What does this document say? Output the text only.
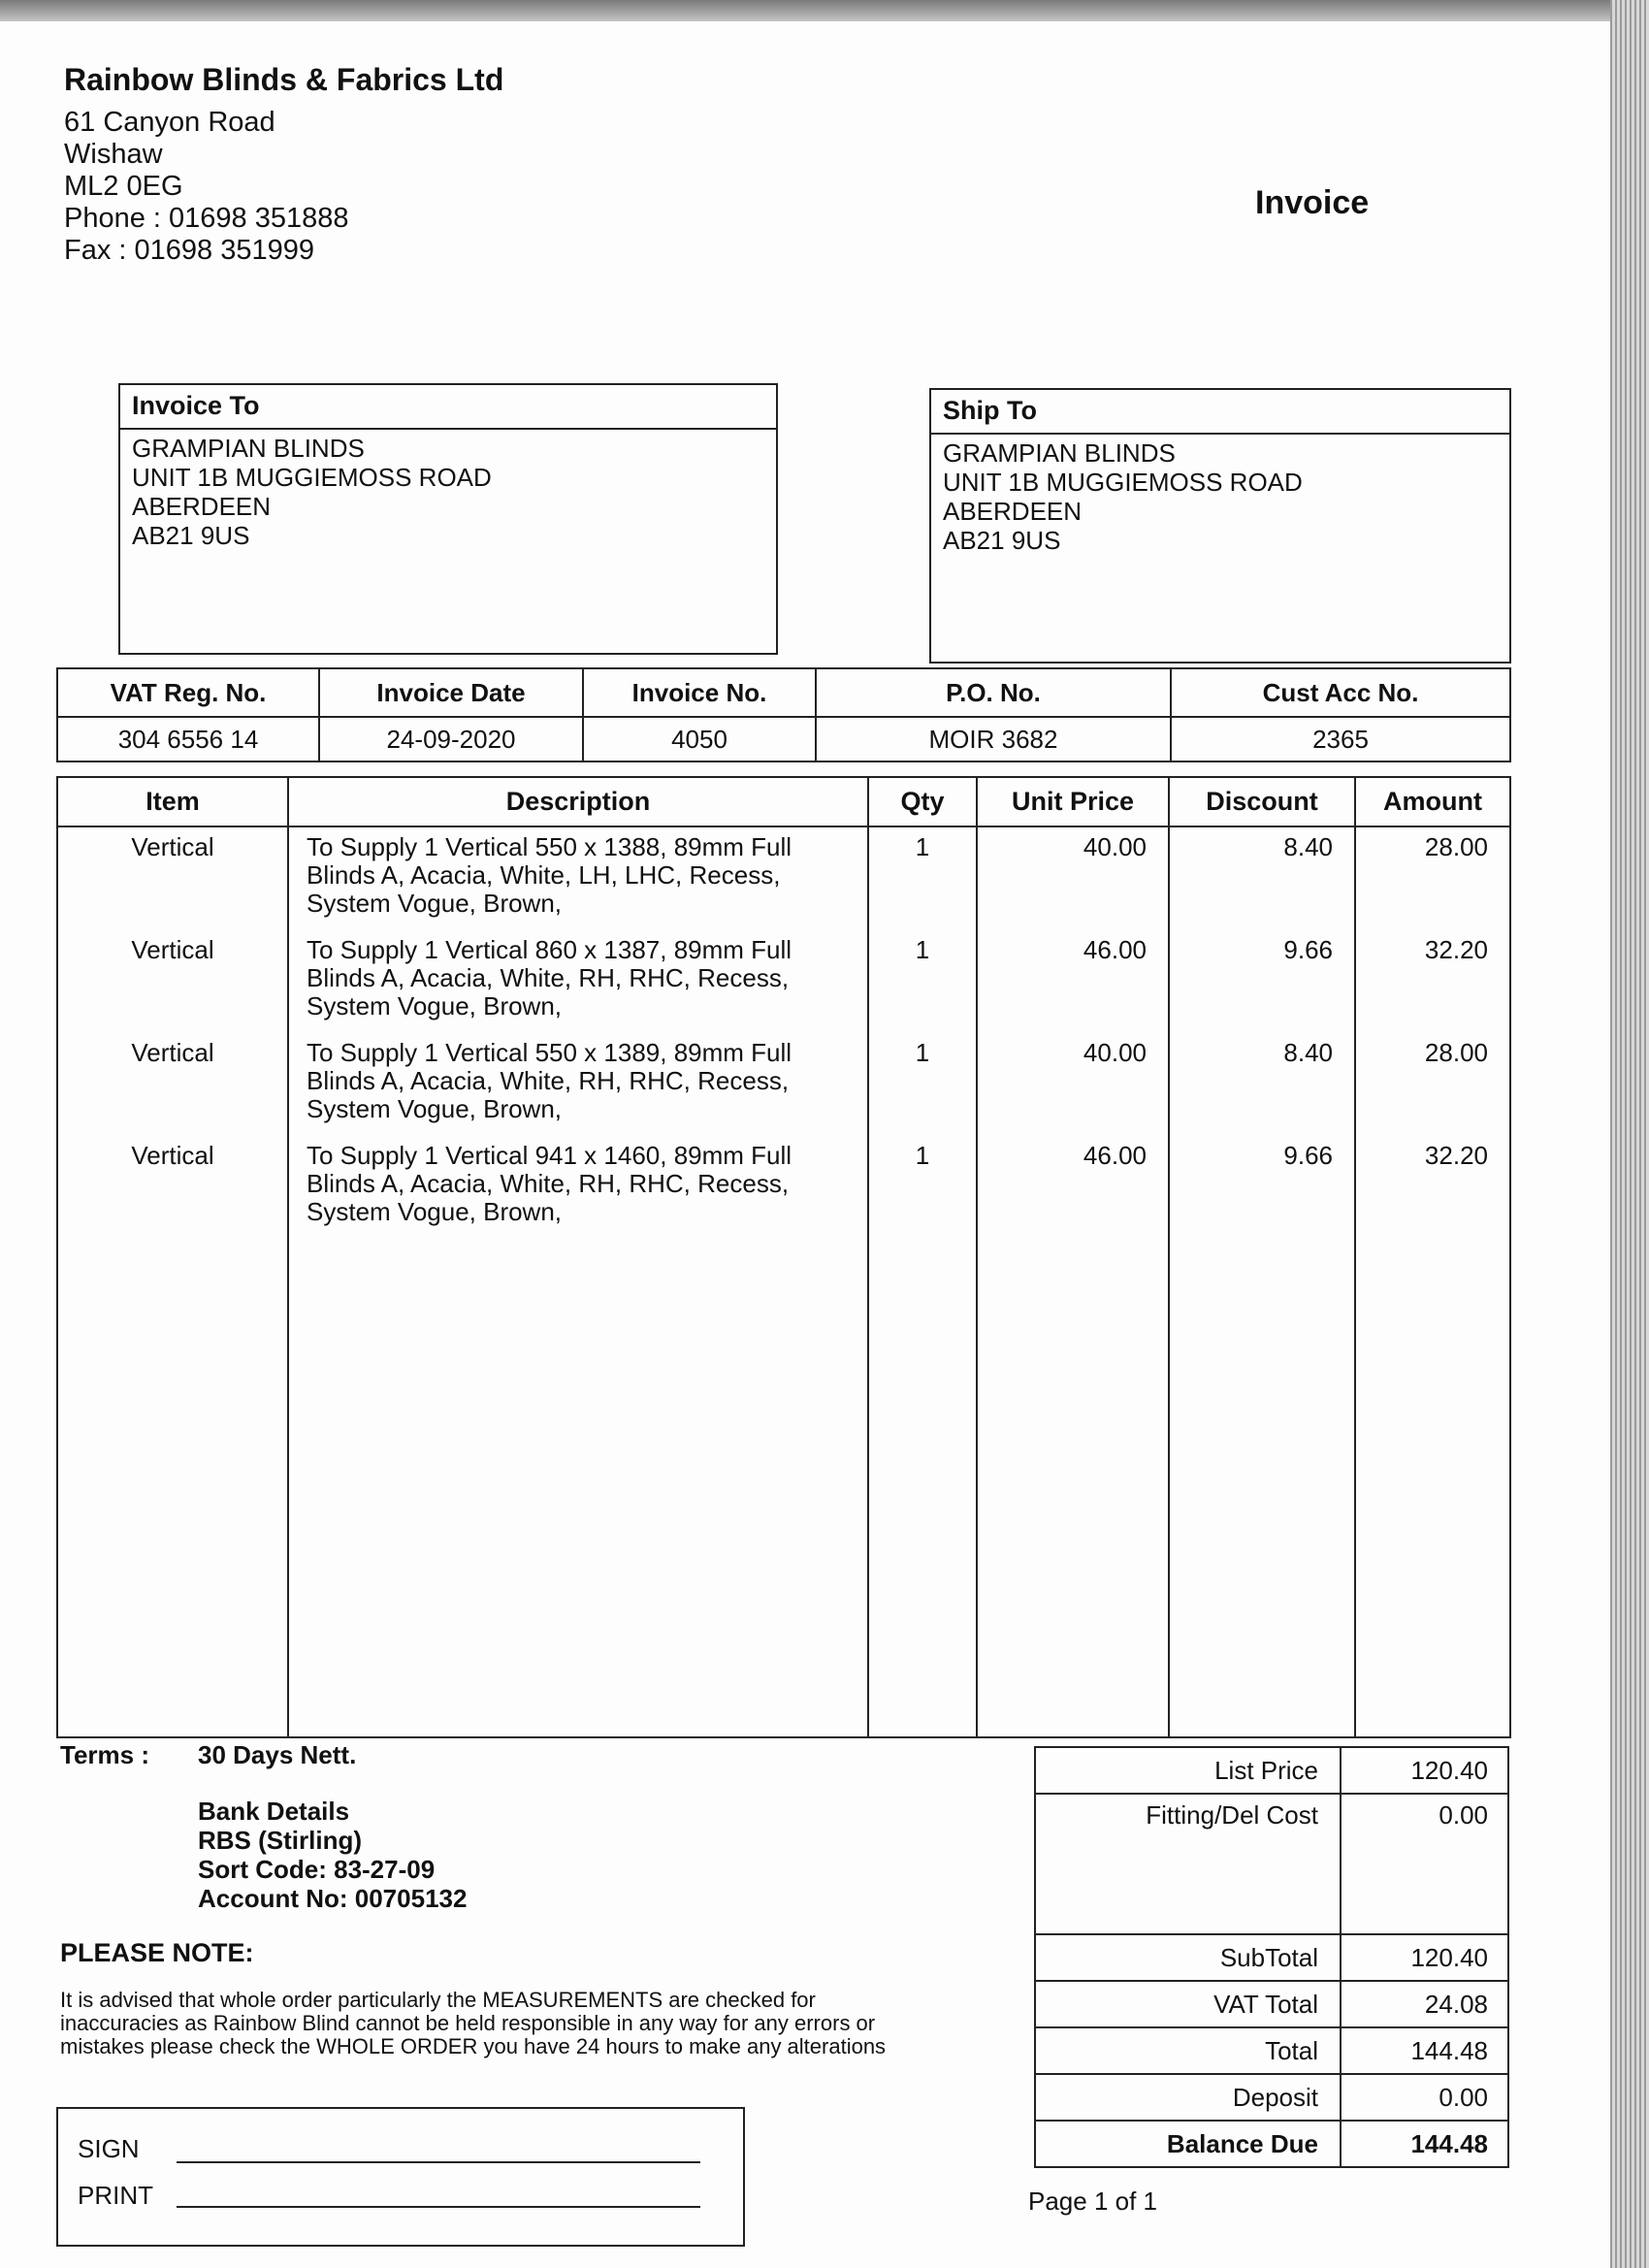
Rainbow Blinds & Fabrics Ltd
61 Canyon Road
Wishaw
ML2 0EG
Phone : 01698 351888
Fax : 01698 351999
Invoice
Invoice To
GRAMPIAN BLINDS
UNIT 1B MUGGIEMOSS ROAD
ABERDEEN
AB21 9US
Ship To
GRAMPIAN BLINDS
UNIT 1B MUGGIEMOSS ROAD
ABERDEEN
AB21 9US
VAT Reg. No.	Invoice Date	Invoice No.	P.O. No.	Cust Acc No.
304 6556 14	24-09-2020	4050	MOIR 3682	2365
Item	Description	Qty	Unit Price	Discount	Amount
Vertical	To Supply 1 Vertical 550 x 1388, 89mm Full
Blinds A, Acacia, White, LH, LHC, Recess,
System Vogue, Brown,	1	40.00	8.40	28.00
Vertical	To Supply 1 Vertical 860 x 1387, 89mm Full
Blinds A, Acacia, White, RH, RHC, Recess,
System Vogue, Brown,	1	46.00	9.66	32.20
Vertical	To Supply 1 Vertical 550 x 1389, 89mm Full
Blinds A, Acacia, White, RH, RHC, Recess,
System Vogue, Brown,	1	40.00	8.40	28.00
Vertical	To Supply 1 Vertical 941 x 1460, 89mm Full
Blinds A, Acacia, White, RH, RHC, Recess,
System Vogue, Brown,	1	46.00	9.66	32.20

Terms : 30 Days Nett.
Bank Details
RBS (Stirling)
Sort Code: 83-27-09
Account No: 00705132
PLEASE NOTE:
It is advised that whole order particularly the MEASUREMENTS are checked for
inaccuracies as Rainbow Blind cannot be held responsible in any way for any errors or
mistakes please check the WHOLE ORDER you have 24 hours to make any alterations
List Price	120.40
Fitting/Del Cost	0.00
SubTotal	120.40
VAT Total	24.08
Total	144.48
Deposit	0.00
Balance Due	144.48
SIGN
PRINT	Page 1 of 1
